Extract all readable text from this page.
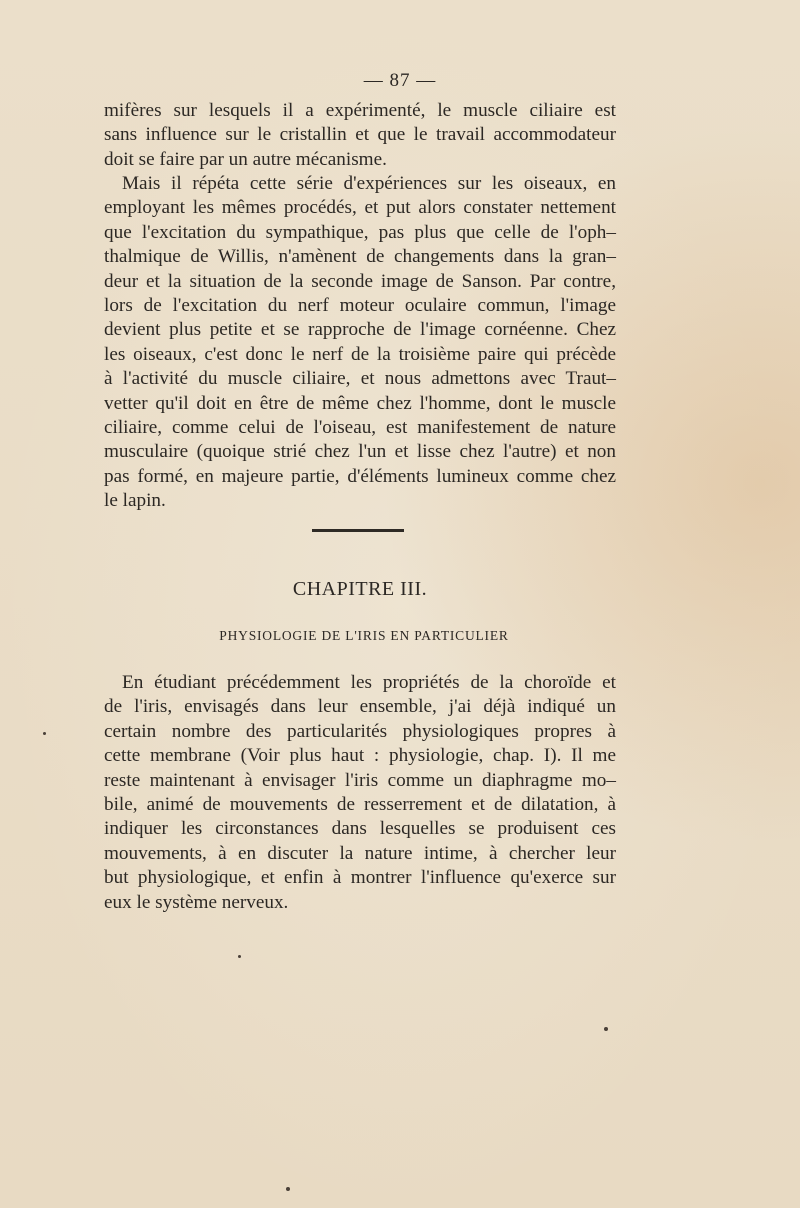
— 87 —
mifères sur lesquels il a expérimenté, le muscle ciliaire est
sans influence sur le cristallin et que le travail accommodateur
doit se faire par un autre mécanisme.
Mais il répéta cette série d'expériences sur les oiseaux, en
employant les mêmes procédés, et put alors constater nettement
que l'excitation du sympathique, pas plus que celle de l'oph–
thalmique de Willis, n'amènent de changements dans la gran–
deur et la situation de la seconde image de Sanson. Par contre,
lors de l'excitation du nerf moteur oculaire commun, l'image
devient plus petite et se rapproche de l'image cornéenne. Chez
les oiseaux, c'est donc le nerf de la troisième paire qui précède
à l'activité du muscle ciliaire, et nous admettons avec Traut–
vetter qu'il doit en être de même chez l'homme, dont le muscle
ciliaire, comme celui de l'oiseau, est manifestement de nature
musculaire (quoique strié chez l'un et lisse chez l'autre) et non
pas formé, en majeure partie, d'éléments lumineux comme chez
le lapin.
CHAPITRE III.
PHYSIOLOGIE DE L'IRIS EN PARTICULIER
En étudiant précédemment les propriétés de la choroïde et
de l'iris, envisagés dans leur ensemble, j'ai déjà indiqué un
certain nombre des particularités physiologiques propres à
cette membrane (Voir plus haut : physiologie, chap. I). Il me
reste maintenant à envisager l'iris comme un diaphragme mo–
bile, animé de mouvements de resserrement et de dilatation, à
indiquer les circonstances dans lesquelles se produisent ces
mouvements, à en discuter la nature intime, à chercher leur
but physiologique, et enfin à montrer l'influence qu'exerce sur
eux le système nerveux.
